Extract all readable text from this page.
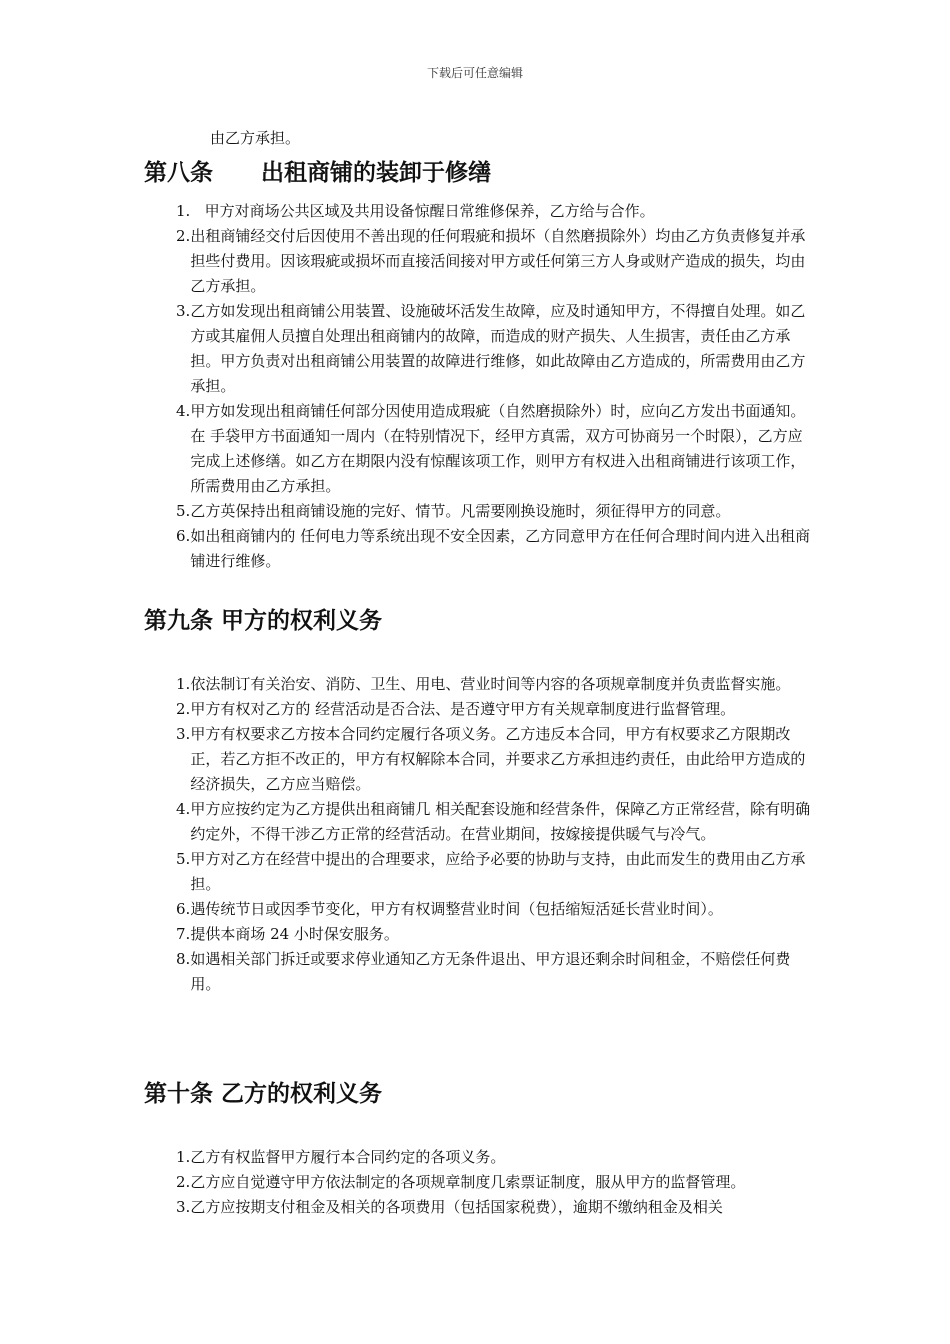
下载后可任意编辑
由乙方承担。
第八条      出租商铺的装卸于修缮
1. 甲方对商场公共区域及共用设备惊醒日常维修保养，乙方给与合作。
2. 出租商铺经交付后因使用不善出现的任何瑕疵和损坏（自然磨损除外）均由乙方负责修复并承担些付费用。因该瑕疵或损坏而直接活间接对甲方或任何第三方人身或财产造成的损失，均由乙方承担。
3. 乙方如发现出租商铺公用装置、设施破坏活发生故障，应及时通知甲方，不得擅自处理。如乙方或其雇佣人员擅自处理出租商铺内的故障，而造成的财产损失、人生损害，责任由乙方承担。甲方负责对出租商铺公用装置的故障进行维修，如此故障由乙方造成的，所需费用由乙方承担。
4. 甲方如发现出租商铺任何部分因使用造成瑕疵（自然磨损除外）时，应向乙方发出书面通知。在 手袋甲方书面通知一周内（在特别情况下，经甲方真需，双方可协商另一个时限），乙方应完成上述修缮。如乙方在期限内没有惊醒该项工作，则甲方有权进入出租商铺进行该项工作，所需费用由乙方承担。
5. 乙方英保持出租商铺设施的完好、情节。凡需要刚换设施时，须征得甲方的同意。
6. 如出租商铺内的 任何电力等系统出现不安全因素，乙方同意甲方在任何合理时间内进入出租商铺进行维修。
第九条 甲方的权利义务
1. 依法制订有关治安、消防、卫生、用电、营业时间等内容的各项规章制度并负责监督实施。
2. 甲方有权对乙方的 经营活动是否合法、是否遵守甲方有关规章制度进行监督管理。
3. 甲方有权要求乙方按本合同约定履行各项义务。乙方违反本合同，甲方有权要求乙方限期改正，若乙方拒不改正的，甲方有权解除本合同，并要求乙方承担违约责任，由此给甲方造成的 经济损失，乙方应当赔偿。
4. 甲方应按约定为乙方提供出租商铺几 相关配套设施和经营条件，保障乙方正常经营，除有明确约定外，不得干涉乙方正常的经营活动。在营业期间，按嫁接提供暖气与冷气。
5. 甲方对乙方在经营中提出的合理要求，应给予必要的协助与支持，由此而发生的费用由乙方承担。
6. 遇传统节日或因季节变化，甲方有权调整营业时间（包括缩短活延长营业时间）。
7. 提供本商场 24 小时保安服务。
8. 如遇相关部门拆迁或要求停业通知乙方无条件退出、甲方退还剩余时间租金，不赔偿任何费用。
第十条 乙方的权利义务
1. 乙方有权监督甲方履行本合同约定的各项义务。
2. 乙方应自觉遵守甲方依法制定的各项规章制度几索票证制度，服从甲方的监督管理。
3. 乙方应按期支付租金及相关的各项费用（包括国家税费），逾期不缴纳租金及相关
